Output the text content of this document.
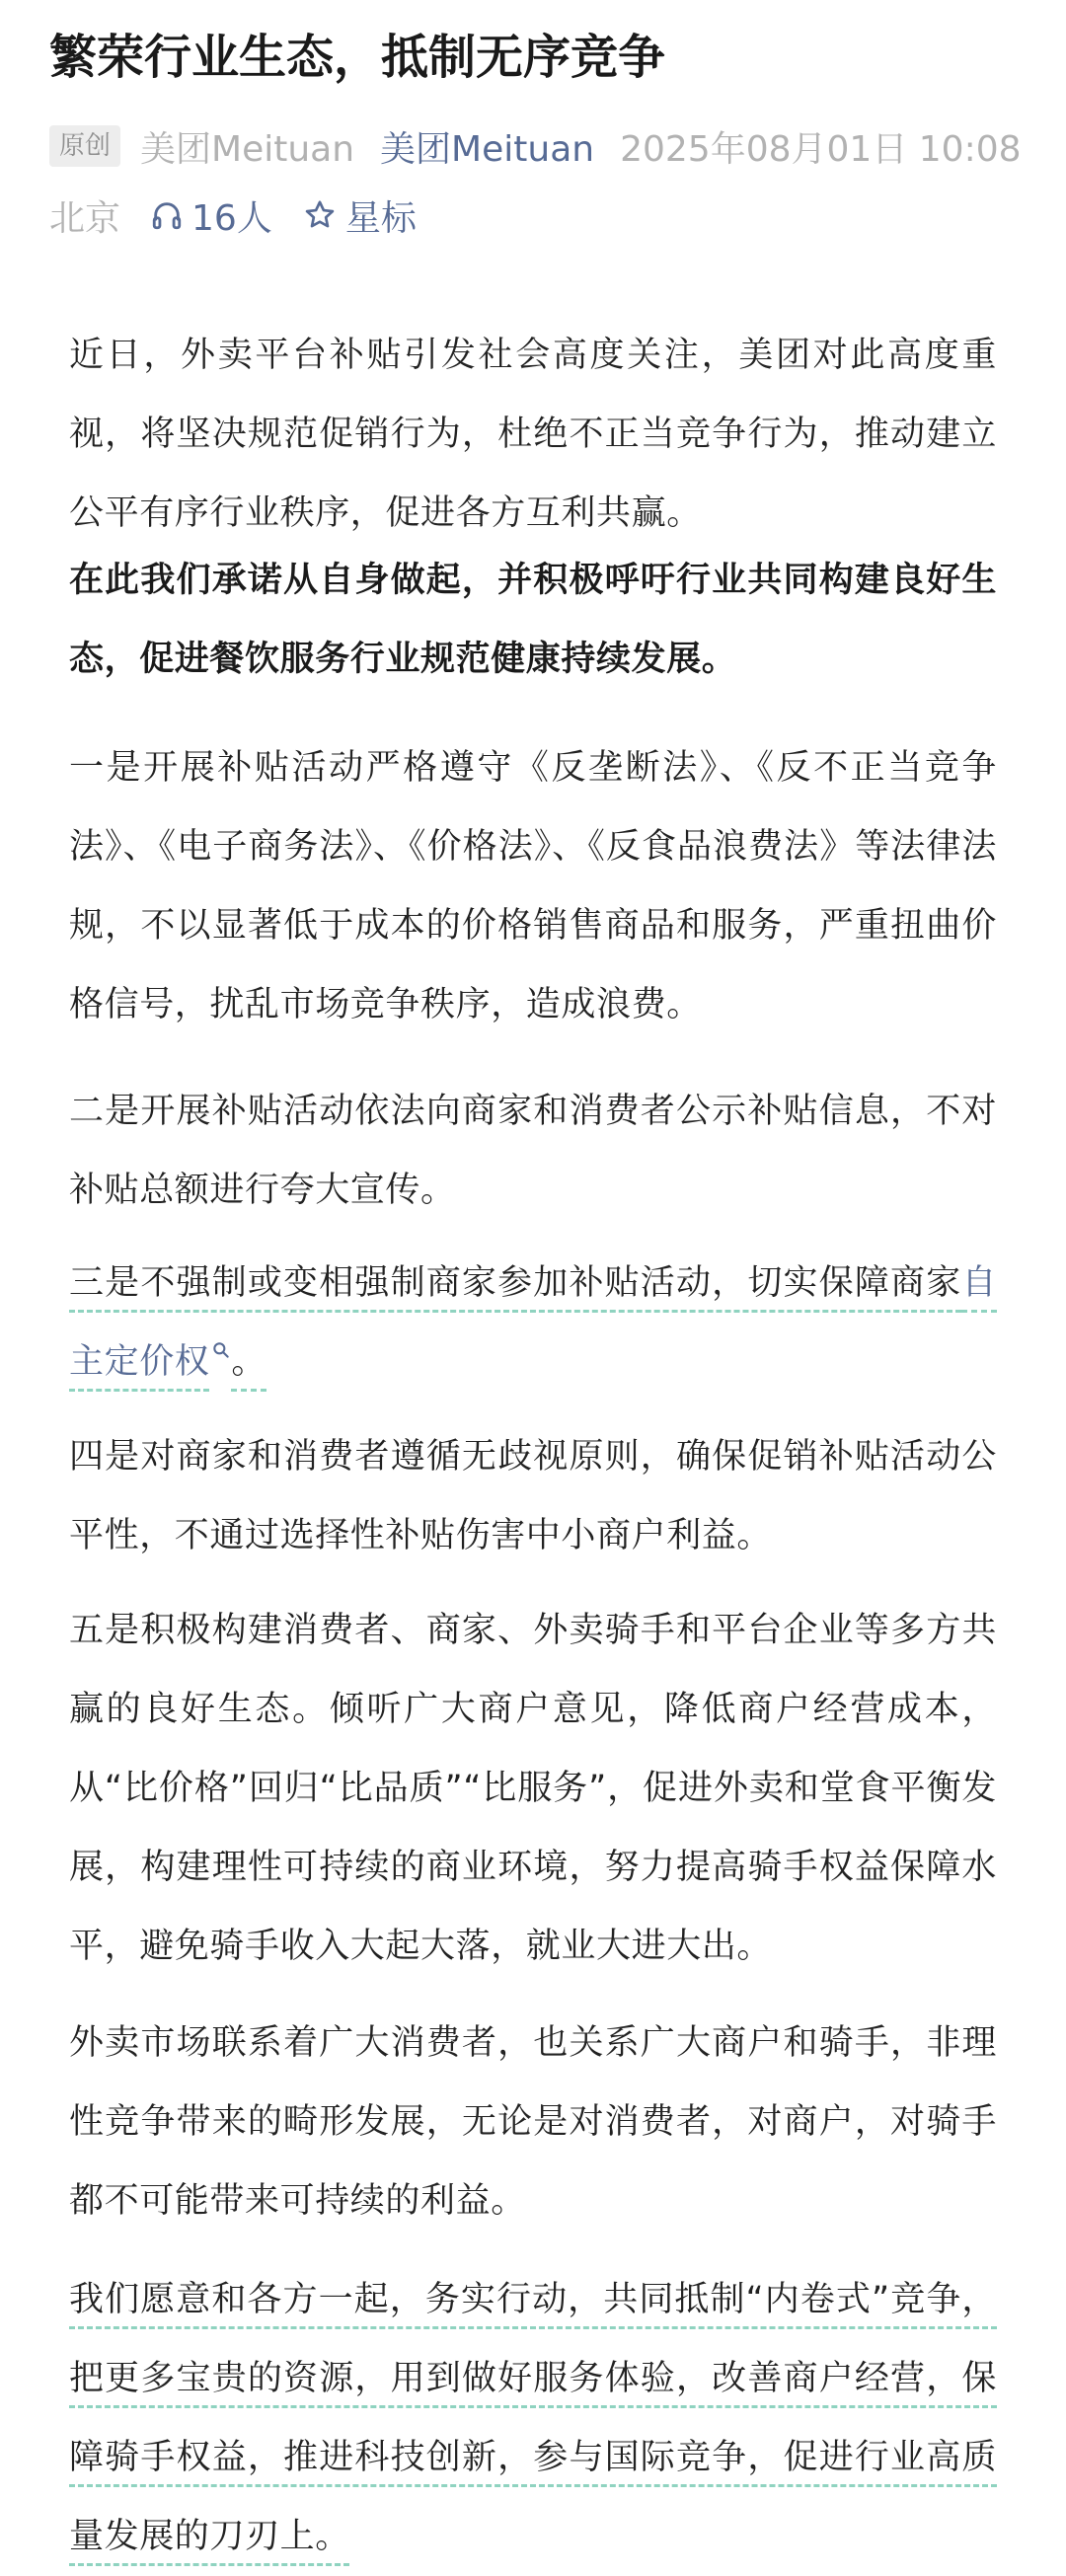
繁荣行业生态，抵制无序竞争
原创 美团Meituan 美团Meituan 2025年08月01日 10:08
北京 16人 星标

近日，外卖平台补贴引发社会高度关注，美团对此高度重视，将坚决规范促销行为，杜绝不正当竞争行为，推动建立公平有序行业秩序，促进各方互利共赢。

在此我们承诺从自身做起，并积极呼吁行业共同构建良好生态，促进餐饮服务行业规范健康持续发展。

一是开展补贴活动严格遵守《反垄断法》、《反不正当竞争法》、《电子商务法》、《价格法》、《反食品浪费法》等法律法规，不以显著低于成本的价格销售商品和服务，严重扭曲价格信号，扰乱市场竞争秩序，造成浪费。

二是开展补贴活动依法向商家和消费者公示补贴信息，不对补贴总额进行夸大宣传。

三是不强制或变相强制商家参加补贴活动，切实保障商家自主定价权 。

四是对商家和消费者遵循无歧视原则，确保促销补贴活动公平性，不通过选择性补贴伤害中小商户利益。

五是积极构建消费者、商家、外卖骑手和平台企业等多方共赢的良好生态。倾听广大商户意见，降低商户经营成本，从“比价格”回归“比品质”“比服务”，促进外卖和堂食平衡发展，构建理性可持续的商业环境，努力提高骑手权益保障水平，避免骑手收入大起大落，就业大进大出。

外卖市场联系着广大消费者，也关系广大商户和骑手，非理性竞争带来的畸形发展，无论是对消费者，对商户，对骑手都不可能带来可持续的利益。

我们愿意和各方一起，务实行动，共同抵制“内卷式”竞争，把更多宝贵的资源，用到做好服务体验，改善商户经营，保障骑手权益，推进科技创新，参与国际竞争，促进行业高质量发展的刀刃上。
